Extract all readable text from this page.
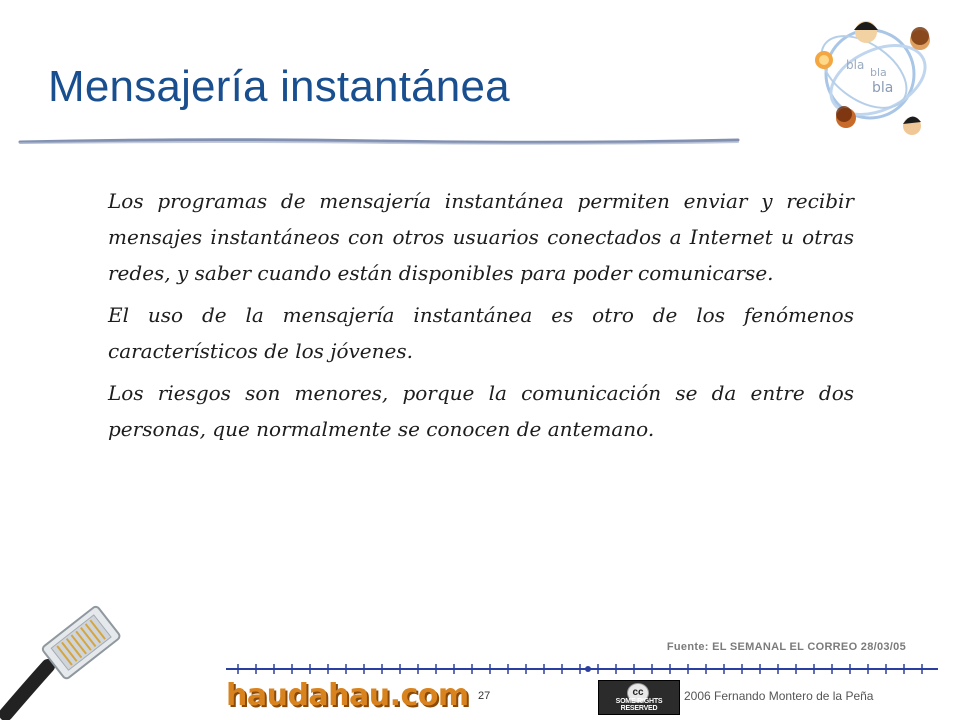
Mensajería instantánea	bla
bla
bla

Los programas de mensajería instantánea permiten enviar y recibir mensajes instantáneos con otros usuarios conectados a Internet u otras redes, y saber cuando están disponibles para poder comunicarse.

El uso de la mensajería instantánea es otro de los fenómenos característicos de los jóvenes.

Los riesgos son menores, porque la comunicación se da entre dos personas, que normalmente se conocen de antemano.

Fuente: EL SEMANAL EL CORREO 28/03/05
haudahau.com 27	cc
SOME RIGHTS RESERVED
2006 Fernando Montero de la Peña
